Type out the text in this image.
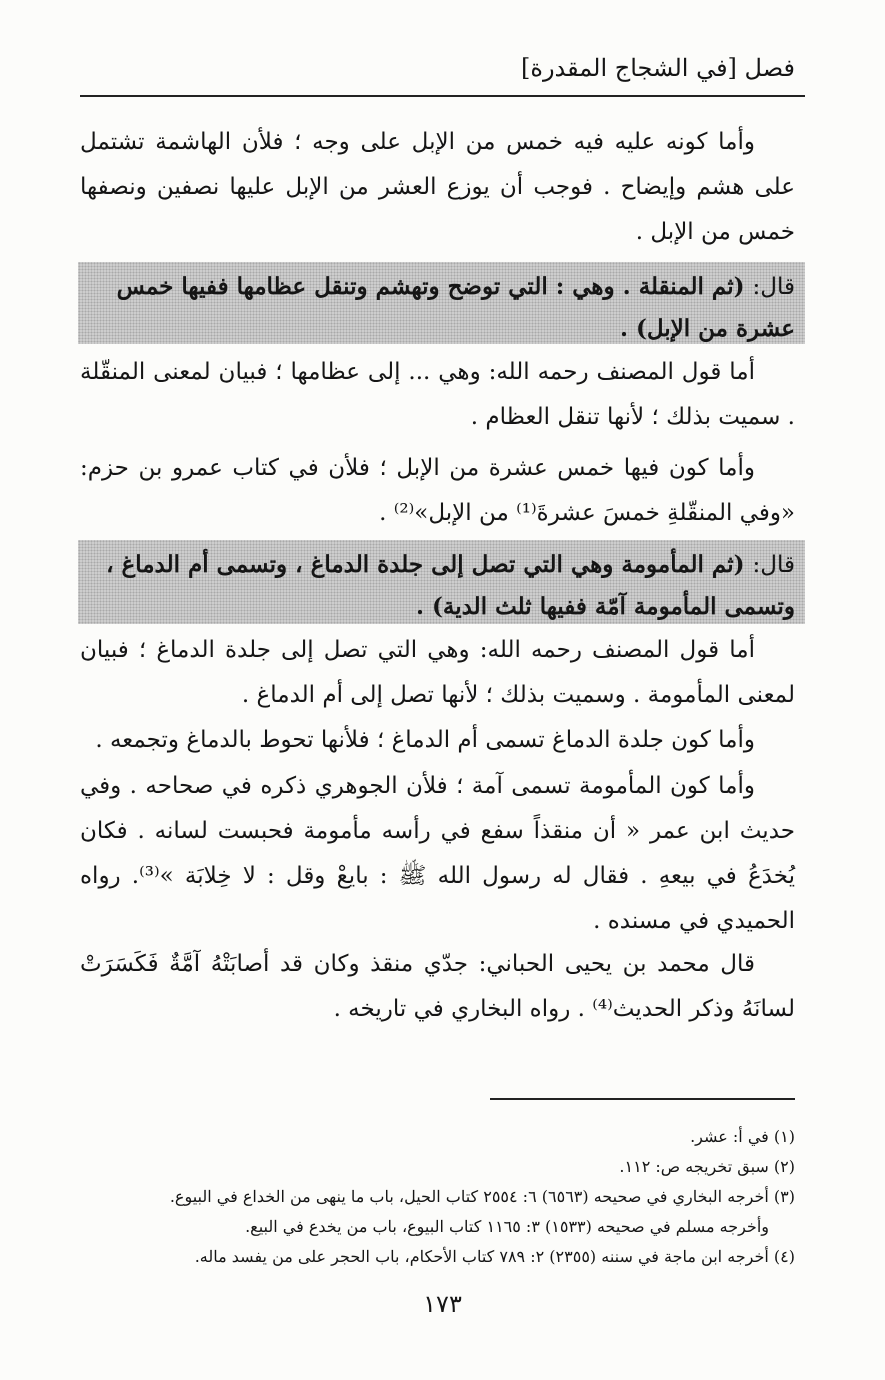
فصل [في الشجاج المقدرة]

وأما كونه عليه فيه خمس من الإبل على وجه ؛ فلأن الهاشمة تشتمل على هشم وإيضاح . فوجب أن يوزع العشر من الإبل عليها نصفين ونصفها خمس من الإبل .

قال: (ثم المنقلة . وهي : التي توضح وتهشم وتنقل عظامها ففيها خمس عشرة من الإبل) .

أما قول المصنف رحمه الله: وهي ... إلى عظامها ؛ فبيان لمعنى المنقّلة . سميت بذلك ؛ لأنها تنقل العظام .

وأما كون فيها خمس عشرة من الإبل ؛ فلأن في كتاب عمرو بن حزم: «وفي المنقّلةِ خمسَ عشرةَ⁽¹⁾ من الإبل»⁽²⁾ .

قال: (ثم المأمومة وهي التي تصل إلى جلدة الدماغ ، وتسمى أم الدماغ ، وتسمى المأمومة آمّة ففيها ثلث الدية) .

أما قول المصنف رحمه الله: وهي التي تصل إلى جلدة الدماغ ؛ فبيان لمعنى المأمومة . وسميت بذلك ؛ لأنها تصل إلى أم الدماغ .

وأما كون جلدة الدماغ تسمى أم الدماغ ؛ فلأنها تحوط بالدماغ وتجمعه .

وأما كون المأمومة تسمى آمة ؛ فلأن الجوهري ذكره في صحاحه . وفي حديث ابن عمر « أن منقذاً سفع في رأسه مأمومة فحبست لسانه . فكان يُخدَعُ في بيعهِ . فقال له رسول الله ﷺ : بايعْ وقل : لا خِلابَة »⁽³⁾. رواه الحميدي في مسنده .

قال محمد بن يحيى الحباني: جدّي منقذ وكان قد أصابَتْهُ آمَّةٌ فَكَسَرَتْ لسانَهُ وذكر الحديث⁽⁴⁾ . رواه البخاري في تاريخه .

(١) في أ: عشر.
(٢) سبق تخريجه ص: ١١٢.
(٣) أخرجه البخاري في صحيحه (٦٥٦٣) ٦: ٢٥٥٤ كتاب الحيل، باب ما ينهى من الخداع في البيوع.
وأخرجه مسلم في صحيحه (١٥٣٣) ٣: ١١٦٥ كتاب البيوع، باب من يخدع في البيع.
(٤) أخرجه ابن ماجة في سننه (٢٣٥٥) ٢: ٧٨٩ كتاب الأحكام، باب الحجر على من يفسد ماله.
١٧٣
